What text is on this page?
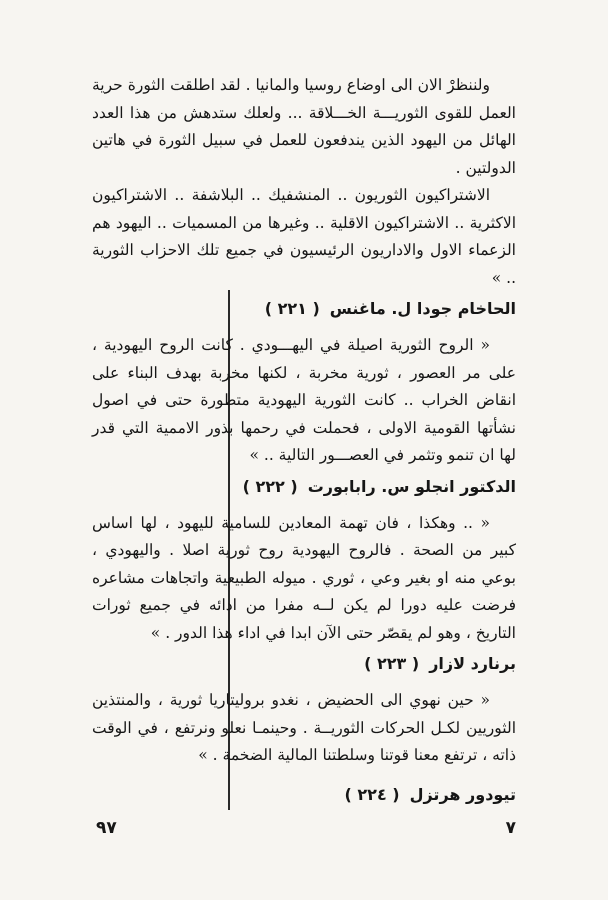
ولننظرْ الان الى اوضاع روسيا والمانيا . لقد اطلقت الثورة حرية العمل للقوى الثوريـــة الخـــلاقة ... ولعلك ستدهش من هذا العدد الهائل من اليهود الذين يندفعون للعمل في سبيل الثورة في هاتين الدولتين .

الاشتراكيون الثوريون .. المنشفيك .. البلاشفة .. الاشتراكيون الاكثرية .. الاشتراكيون الاقلية .. وغيرها من المسميات .. اليهود هم الزعماء الاول والاداريون الرئيسيون في جميع تلك الاحزاب الثورية .. »

الحاخام جودا ل. ماغنس
( ٢٢١ )

« الروح الثورية اصيلة في اليهـــودي . كانت الروح اليهودية ، على مر العصور ، ثورية مخربة ، لكنها مخربة بهدف البناء على انقاض الخراب .. كانت الثورية اليهودية متطورة حتى في اصول نشأتها القومية الاولى ، فحملت في رحمها بذور الاممية التي قدر لها ان تنمو وتثمر في العصـــور التالية .. »

الدكتور انجلو س. رابابورت
( ٢٢٢ )

« .. وهكذا ، فان تهمة المعادين للسامية لليهود ، لها اساس كبير من الصحة . فالروح اليهودية روح ثورية اصلا . واليهودي ، بوعي منه او بغير وعي ، ثوري . ميوله الطبيعية واتجاهات مشاعره فرضت عليه دورا لم يكن لــه مفرا من ادائه في جميع ثورات التاريخ ، وهو لم يقصّر حتى الآن ابدا في اداء هذا الدور . »

برنارد لازار
( ٢٢٣ )

« حين نهوي الى الحضيض ، نغدو بروليتاريا ثورية ، والمنتذين الثوريين لكـل الحركات الثوريــة . وحينمـا نعلو ونرتفع ، في الوقت ذاته ، ترتفع معنا قوتنا وسلطتنا المالية الضخمة . »

تيودور هرتزل
( ٢٢٤ )
٩٧	٧
